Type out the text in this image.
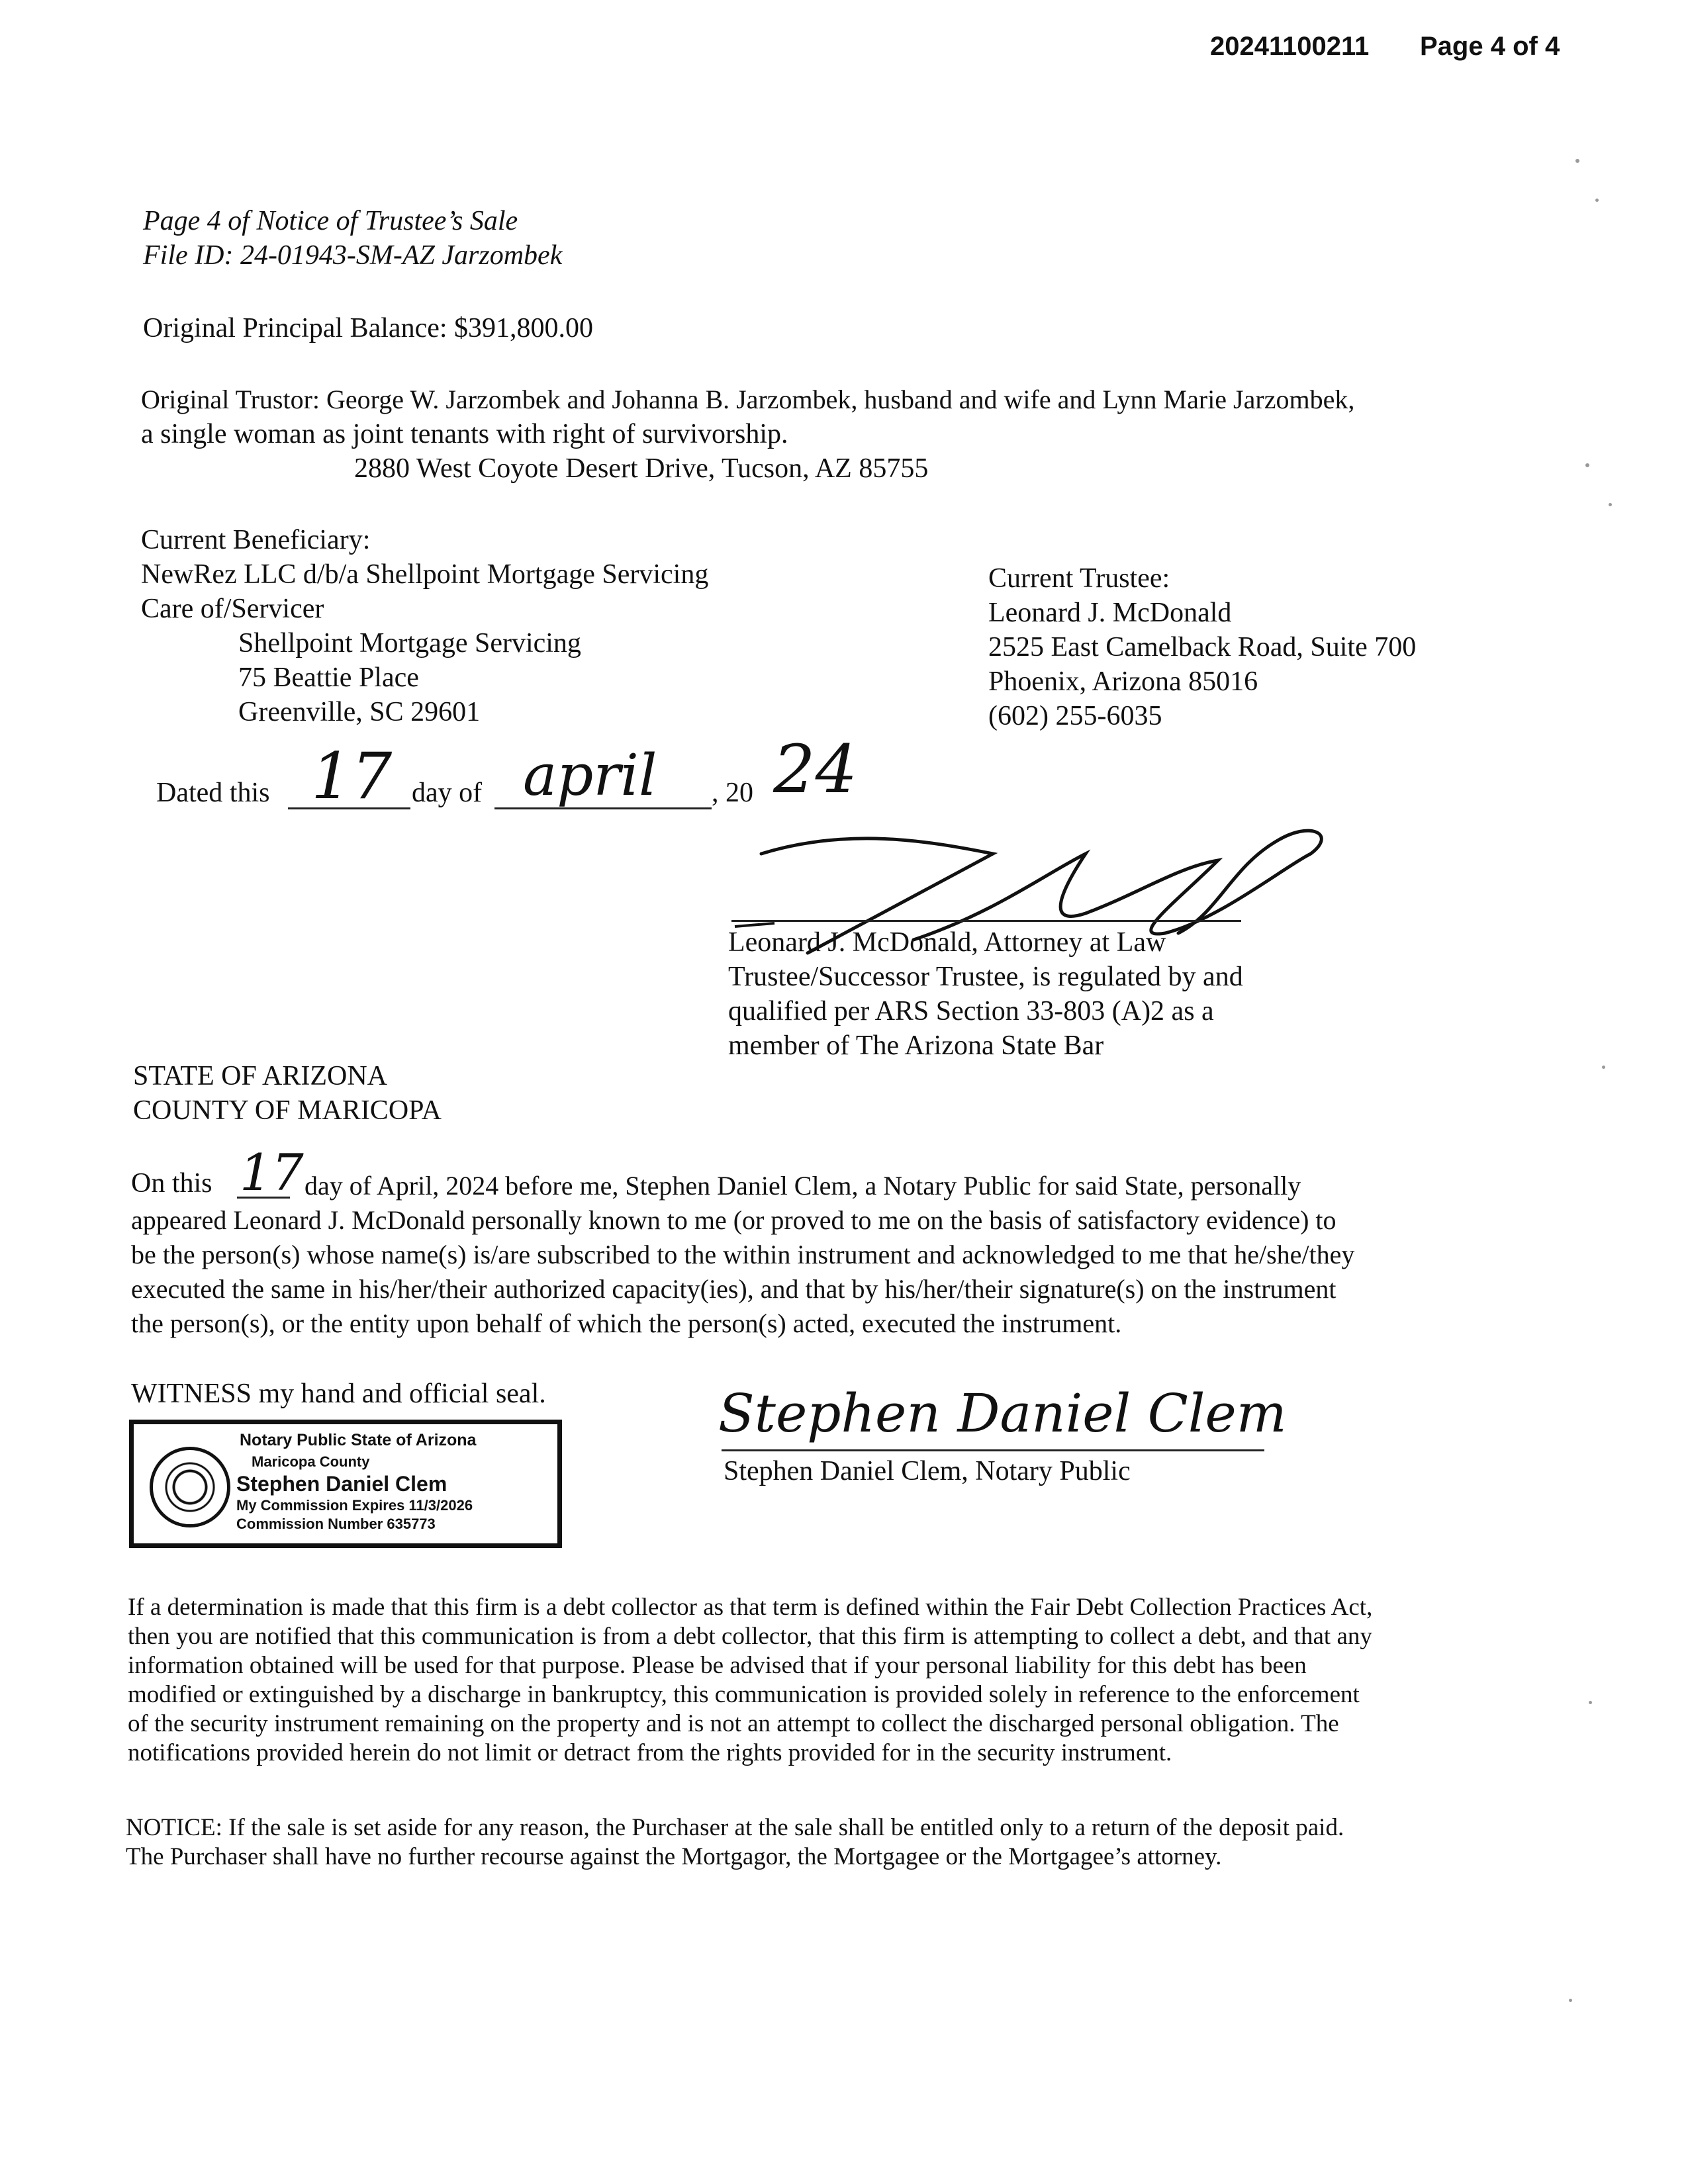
20241100211 Page 4 of 4
Page 4 of Notice of Trustee’s Sale
File ID: 24-01943-SM-AZ Jarzombek
Original Principal Balance: $391,800.00
Original Trustor: George W. Jarzombek and Johanna B. Jarzombek, husband and wife and Lynn Marie Jarzombek,
a single woman as joint tenants with right of survivorship.
2880 West Coyote Desert Drive, Tucson, AZ 85755
Current Beneficiary:
NewRez LLC d/b/a Shellpoint Mortgage Servicing
Care of/Servicer
Shellpoint Mortgage Servicing
75 Beattie Place
Greenville, SC 29601
Current Trustee:
Leonard J. McDonald
2525 East Camelback Road, Suite 700
Phoenix, Arizona 85016
(602) 255-6035
Dated this 17 day of april , 20 24
Leonard J. McDonald, Attorney at Law
Trustee/Successor Trustee, is regulated by and
qualified per ARS Section 33-803 (A)2 as a
member of The Arizona State Bar
STATE OF ARIZONA
COUNTY OF MARICOPA
On this 17 day of April, 2024 before me, Stephen Daniel Clem, a Notary Public for said State, personally
appeared Leonard J. McDonald personally known to me (or proved to me on the basis of satisfactory evidence) to
be the person(s) whose name(s) is/are subscribed to the within instrument and acknowledged to me that he/she/they
executed the same in his/her/their authorized capacity(ies), and that by his/her/their signature(s) on the instrument
the person(s), or the entity upon behalf of which the person(s) acted, executed the instrument.
WITNESS my hand and official seal.
Notary Public State of Arizona
Maricopa County
Stephen Daniel Clem
My Commission Expires 11/3/2026
Commission Number 635773
Stephen Daniel Clem
Stephen Daniel Clem, Notary Public
If a determination is made that this firm is a debt collector as that term is defined within the Fair Debt Collection Practices Act,
then you are notified that this communication is from a debt collector, that this firm is attempting to collect a debt, and that any
information obtained will be used for that purpose. Please be advised that if your personal liability for this debt has been
modified or extinguished by a discharge in bankruptcy, this communication is provided solely in reference to the enforcement
of the security instrument remaining on the property and is not an attempt to collect the discharged personal obligation. The
notifications provided herein do not limit or detract from the rights provided for in the security instrument.
NOTICE: If the sale is set aside for any reason, the Purchaser at the sale shall be entitled only to a return of the deposit paid.
The Purchaser shall have no further recourse against the Mortgagor, the Mortgagee or the Mortgagee’s attorney.
